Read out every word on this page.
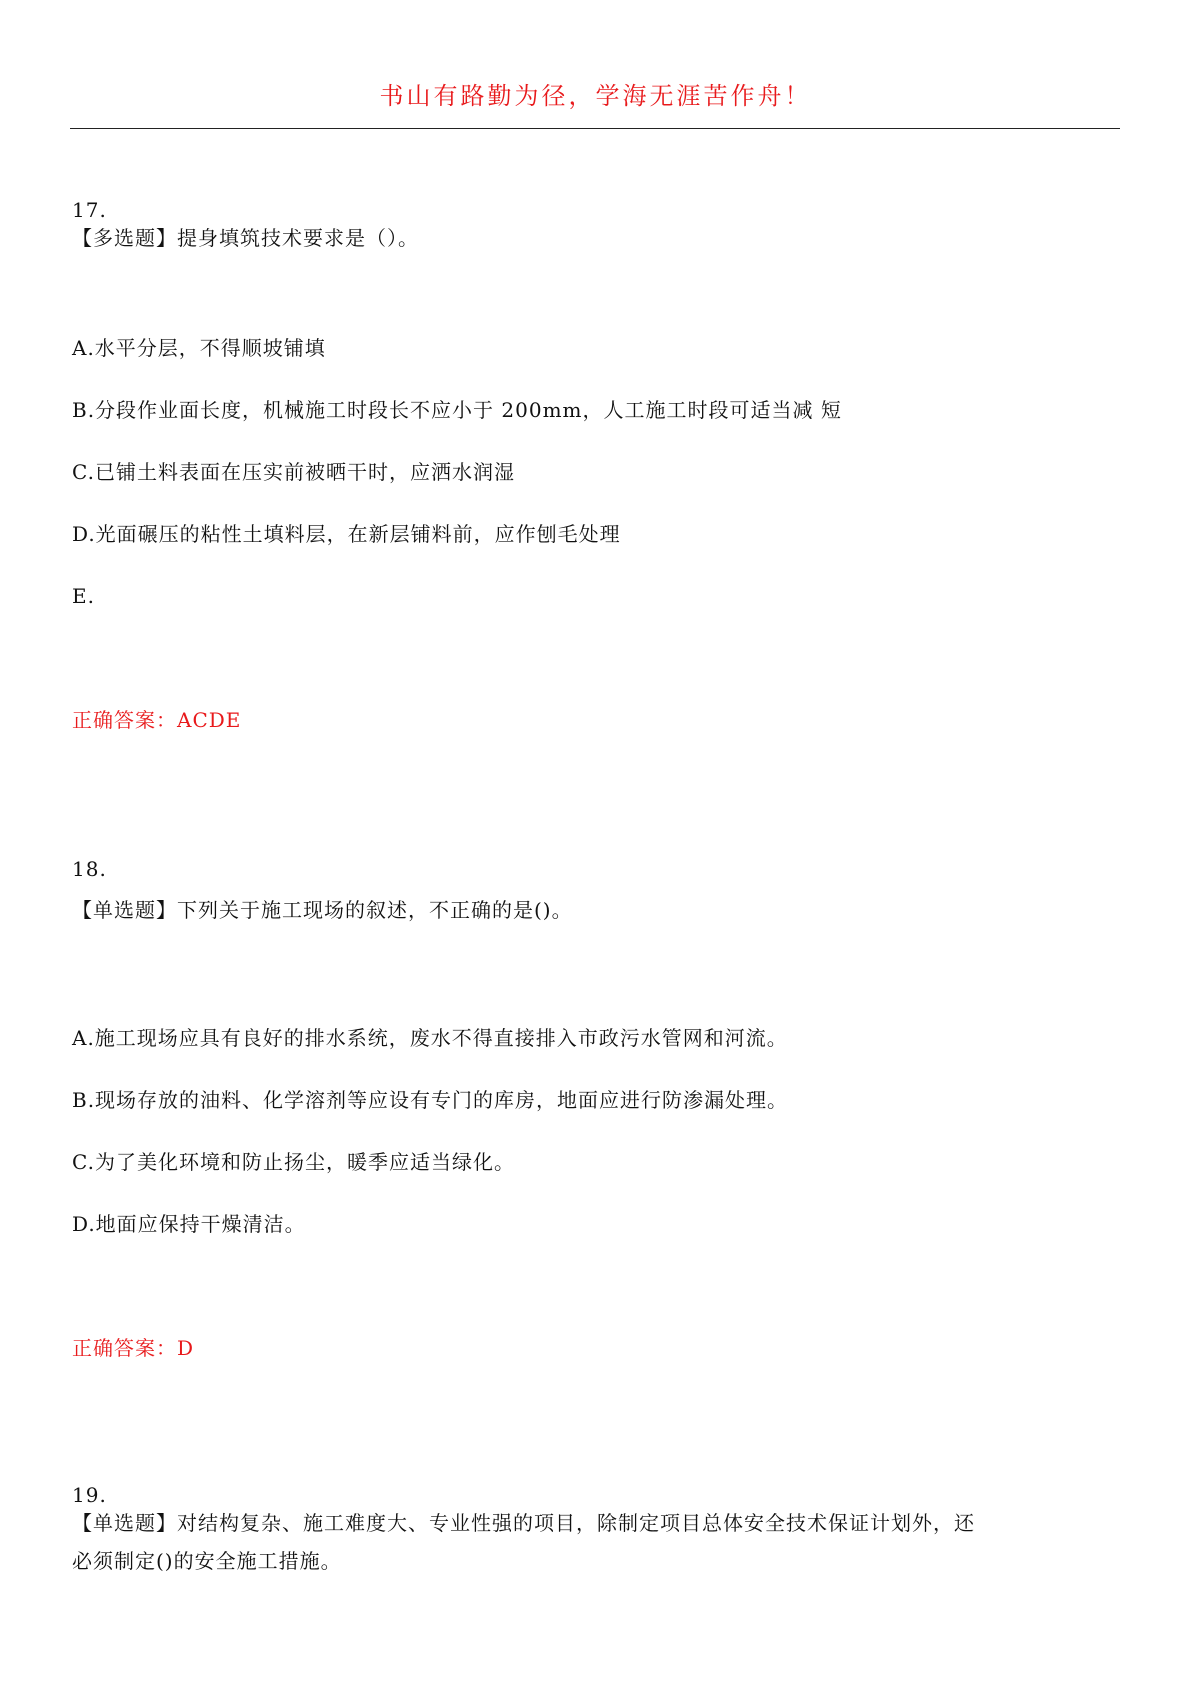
书山有路勤为径，学海无涯苦作舟！
17.
【多选题】提身填筑技术要求是（）。
A.水平分层，不得顺坡铺填
B.分段作业面长度，机械施工时段长不应小于 200mm，人工施工时段可适当减 短
C.已铺土料表面在压实前被晒干时，应洒水润湿
D.光面碾压的粘性土填料层，在新层铺料前，应作刨毛处理
E.
正确答案：ACDE
18.
【单选题】下列关于施工现场的叙述，不正确的是()。
A.施工现场应具有良好的排水系统，废水不得直接排入市政污水管网和河流。
B.现场存放的油料、化学溶剂等应设有专门的库房，地面应进行防渗漏处理。
C.为了美化环境和防止扬尘，暖季应适当绿化。
D.地面应保持干燥清洁。
正确答案：D
19.
【单选题】对结构复杂、施工难度大、专业性强的项目，除制定项目总体安全技术保证计划外，还
必须制定()的安全施工措施。
